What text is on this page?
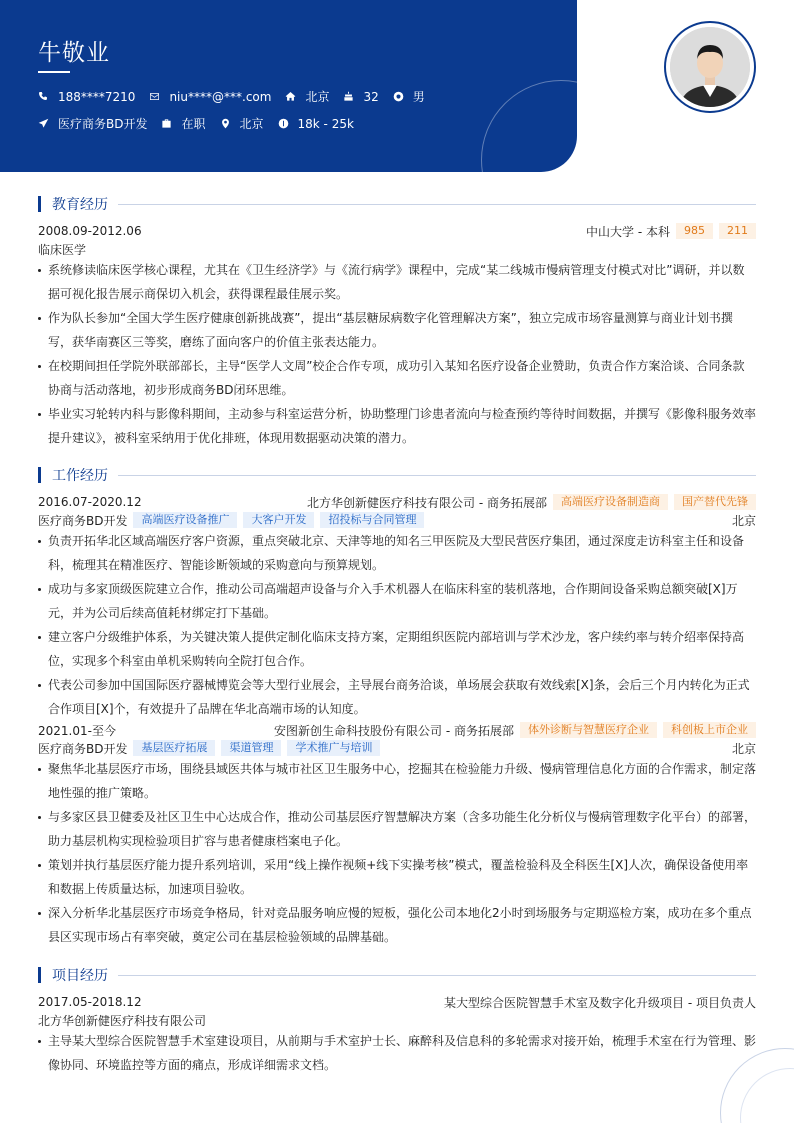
牛敬业
188****7210	niu****@***.com	北京	32	男
医疗商务BD开发	在职	北京	18k - 25k
教育经历
2008.09-2012.06	中山大学 - 本科	985	211
临床医学
系统修读临床医学核心课程，尤其在《卫生经济学》与《流行病学》课程中，完成“某二线城市慢病管理支付模式对比”调研，并以数据可视化报告展示商保切入机会，获得课程最佳展示奖。
作为队长参加“全国大学生医疗健康创新挑战赛”，提出“基层糖尿病数字化管理解决方案”，独立完成市场容量测算与商业计划书撰写，获华南赛区三等奖，磨练了面向客户的价值主张表达能力。
在校期间担任学院外联部部长，主导“医学人文周”校企合作专项，成功引入某知名医疗设备企业赞助，负责合作方案洽谈、合同条款协商与活动落地，初步形成商务BD闭环思维。
毕业实习轮转内科与影像科期间，主动参与科室运营分析，协助整理门诊患者流向与检查预约等待时间数据，并撰写《影像科服务效率提升建议》，被科室采纳用于优化排班，体现用数据驱动决策的潜力。
工作经历
2016.07-2020.12	北方华创新健医疗科技有限公司 - 商务拓展部	高端医疗设备制造商	国产替代先锋
医疗商务BD开发	高端医疗设备推广	大客户开发	招投标与合同管理	北京
负责开拓华北区域高端医疗客户资源，重点突破北京、天津等地的知名三甲医院及大型民营医疗集团，通过深度走访科室主任和设备科，梳理其在精准医疗、智能诊断领域的采购意向与预算规划。
成功与多家顶级医院建立合作，推动公司高端超声设备与介入手术机器人在临床科室的装机落地，合作期间设备采购总额突破[X]万元，并为公司后续高值耗材绑定打下基础。
建立客户分级维护体系，为关键决策人提供定制化临床支持方案，定期组织医院内部培训与学术沙龙，客户续约率与转介绍率保持高位，实现多个科室由单机采购转向全院打包合作。
代表公司参加中国国际医疗器械博览会等大型行业展会，主导展台商务洽谈，单场展会获取有效线索[X]条，会后三个月内转化为正式合作项目[X]个，有效提升了品牌在华北高端市场的认知度。
2021.01-至今	安图新创生命科技股份有限公司 - 商务拓展部	体外诊断与智慧医疗企业	科创板上市企业
医疗商务BD开发	基层医疗拓展	渠道管理	学术推广与培训	北京
聚焦华北基层医疗市场，围绕县域医共体与城市社区卫生服务中心，挖掘其在检验能力升级、慢病管理信息化方面的合作需求，制定落地性强的推广策略。
与多家区县卫健委及社区卫生中心达成合作，推动公司基层医疗智慧解决方案（含多功能生化分析仪与慢病管理数字化平台）的部署，助力基层机构实现检验项目扩容与患者健康档案电子化。
策划并执行基层医疗能力提升系列培训，采用“线上操作视频+线下实操考核”模式，覆盖检验科及全科医生[X]人次，确保设备使用率和数据上传质量达标，加速项目验收。
深入分析华北基层医疗市场竞争格局，针对竞品服务响应慢的短板，强化公司本地化2小时到场服务与定期巡检方案，成功在多个重点县区实现市场占有率突破，奠定公司在基层检验领域的品牌基础。
项目经历
2017.05-2018.12	某大型综合医院智慧手术室及数字化升级项目 - 项目负责人
北方华创新健医疗科技有限公司
主导某大型综合医院智慧手术室建设项目，从前期与手术室护士长、麻醉科及信息科的多轮需求对接开始，梳理手术室在行为管理、影像协同、环境监控等方面的痛点，形成详细需求文档。
